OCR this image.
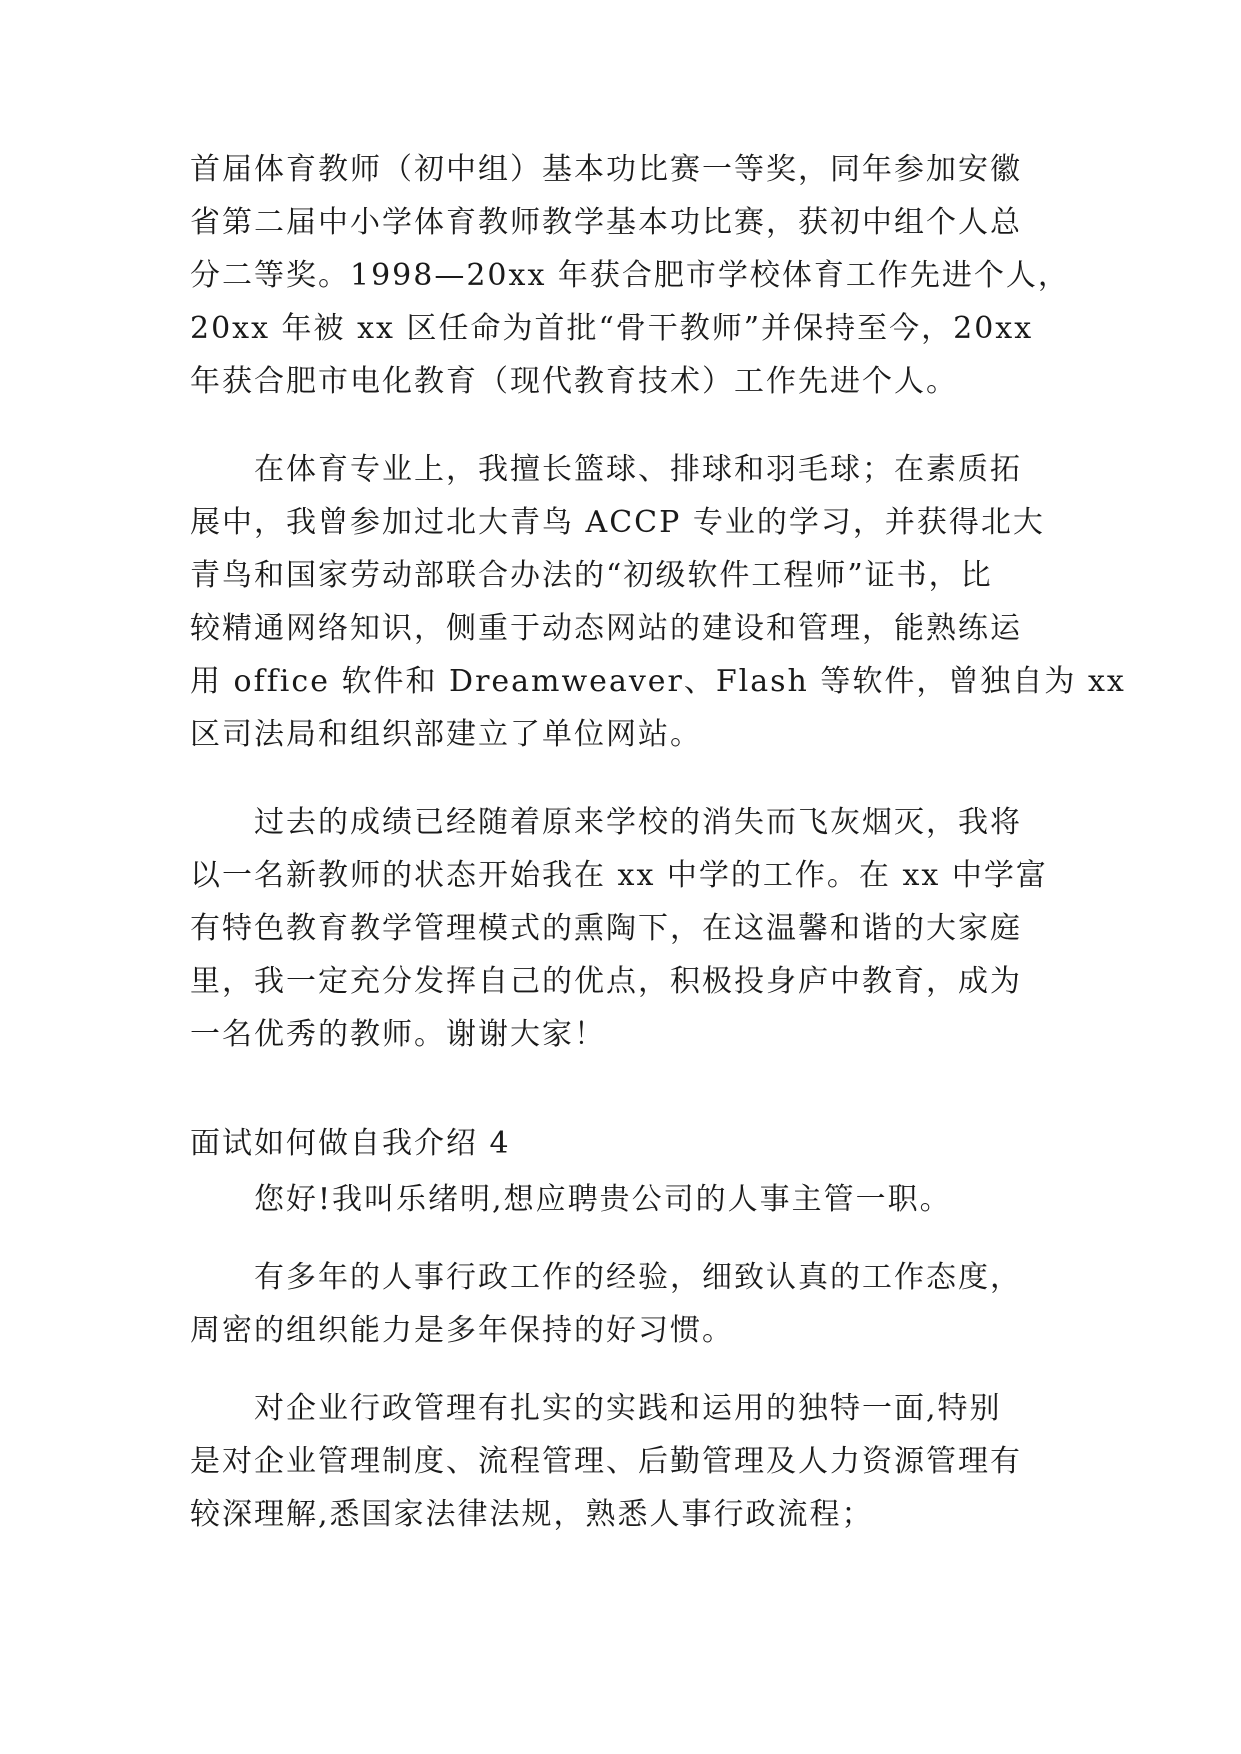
首届体育教师（初中组）基本功比赛一等奖，同年参加安徽
省第二届中小学体育教师教学基本功比赛，获初中组个人总
分二等奖。1998—20xx 年获合肥市学校体育工作先进个人，
20xx 年被 xx 区任命为首批“骨干教师”并保持至今，20xx
年获合肥市电化教育（现代教育技术）工作先进个人。
在体育专业上，我擅长篮球、排球和羽毛球；在素质拓
展中，我曾参加过北大青鸟 ACCP 专业的学习，并获得北大
青鸟和国家劳动部联合办法的“初级软件工程师”证书，比
较精通网络知识，侧重于动态网站的建设和管理，能熟练运
用 office 软件和 Dreamweaver、Flash 等软件，曾独自为 xx
区司法局和组织部建立了单位网站。
过去的成绩已经随着原来学校的消失而飞灰烟灭，我将
以一名新教师的状态开始我在 xx 中学的工作。在 xx 中学富
有特色教育教学管理模式的熏陶下，在这温馨和谐的大家庭
里，我一定充分发挥自己的优点，积极投身庐中教育，成为
一名优秀的教师。谢谢大家！
面试如何做自我介绍 4
您好!我叫乐绪明,想应聘贵公司的人事主管一职。
有多年的人事行政工作的经验，细致认真的工作态度，
周密的组织能力是多年保持的好习惯。
对企业行政管理有扎实的实践和运用的独特一面,特别
是对企业管理制度、流程管理、后勤管理及人力资源管理有
较深理解,悉国家法律法规，熟悉人事行政流程；
